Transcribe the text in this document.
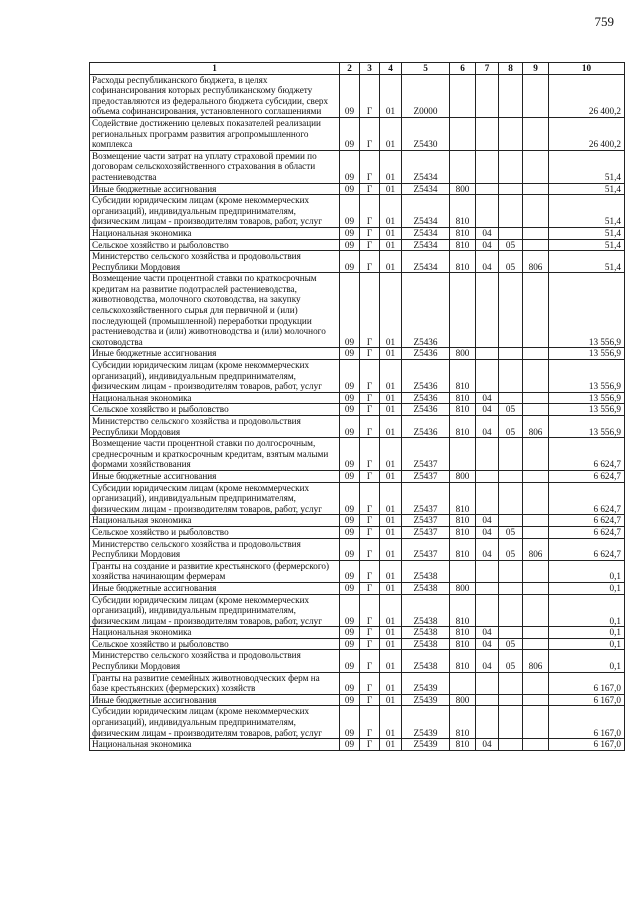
759
1	2	3	4	5	6	7	8	9	10
Расходы республиканского бюджета, в целях софинансирования которых республиканскому бюджету предоставляются из федерального бюджета субсидии, сверх объема софинансирования, установленного соглашениями	09	Г	01	Z0000					26 400,2
Содействие достижению целевых показателей реализации региональных программ развития агропромышленного комплекса	09	Г	01	Z5430					26 400,2
Возмещение части затрат на уплату страховой премии по договорам сельскохозяйственного страхования в области растениеводства	09	Г	01	Z5434					51,4
Иные бюджетные ассигнования	09	Г	01	Z5434	800				51,4
Субсидии юридическим лицам (кроме некоммерческих организаций), индивидуальным предпринимателям, физическим лицам - производителям товаров, работ, услуг	09	Г	01	Z5434	810				51,4
Национальная экономика	09	Г	01	Z5434	810	04			51,4
Сельское хозяйство и рыболовство	09	Г	01	Z5434	810	04	05		51,4
Министерство сельского хозяйства и продовольствия Республики Мордовия	09	Г	01	Z5434	810	04	05	806	51,4
Возмещение части процентной ставки по краткосрочным кредитам на развитие подотраслей растениеводства, животноводства, молочного скотоводства, на закупку сельскохозяйственного сырья для первичной и (или) последующей (промышленной) переработки продукции растениеводства и (или) животноводства и (или) молочного скотоводства	09	Г	01	Z5436					13 556,9
Иные бюджетные ассигнования	09	Г	01	Z5436	800				13 556,9
Субсидии юридическим лицам (кроме некоммерческих организаций), индивидуальным предпринимателям, физическим лицам - производителям товаров, работ, услуг	09	Г	01	Z5436	810				13 556,9
Национальная экономика	09	Г	01	Z5436	810	04			13 556,9
Сельское хозяйство и рыболовство	09	Г	01	Z5436	810	04	05		13 556,9
Министерство сельского хозяйства и продовольствия Республики Мордовия	09	Г	01	Z5436	810	04	05	806	13 556,9
Возмещение части процентной ставки по долгосрочным, среднесрочным и краткосрочным кредитам, взятым малыми формами хозяйствования	09	Г	01	Z5437					6 624,7
Иные бюджетные ассигнования	09	Г	01	Z5437	800				6 624,7
Субсидии юридическим лицам (кроме некоммерческих организаций), индивидуальным предпринимателям, физическим лицам - производителям товаров, работ, услуг	09	Г	01	Z5437	810				6 624,7
Национальная экономика	09	Г	01	Z5437	810	04			6 624,7
Сельское хозяйство и рыболовство	09	Г	01	Z5437	810	04	05		6 624,7
Министерство сельского хозяйства и продовольствия Республики Мордовия	09	Г	01	Z5437	810	04	05	806	6 624,7
Гранты на создание и развитие крестьянского (фермерского) хозяйства начинающим фермерам	09	Г	01	Z5438					0,1
Иные бюджетные ассигнования	09	Г	01	Z5438	800				0,1
Субсидии юридическим лицам (кроме некоммерческих организаций), индивидуальным предпринимателям, физическим лицам - производителям товаров, работ, услуг	09	Г	01	Z5438	810				0,1
Национальная экономика	09	Г	01	Z5438	810	04			0,1
Сельское хозяйство и рыболовство	09	Г	01	Z5438	810	04	05		0,1
Министерство сельского хозяйства и продовольствия Республики Мордовия	09	Г	01	Z5438	810	04	05	806	0,1
Гранты на развитие семейных животноводческих ферм на базе крестьянских (фермерских) хозяйств	09	Г	01	Z5439					6 167,0
Иные бюджетные ассигнования	09	Г	01	Z5439	800				6 167,0
Субсидии юридическим лицам (кроме некоммерческих организаций), индивидуальным предпринимателям, физическим лицам - производителям товаров, работ, услуг	09	Г	01	Z5439	810				6 167,0
Национальная экономика	09	Г	01	Z5439	810	04			6 167,0
